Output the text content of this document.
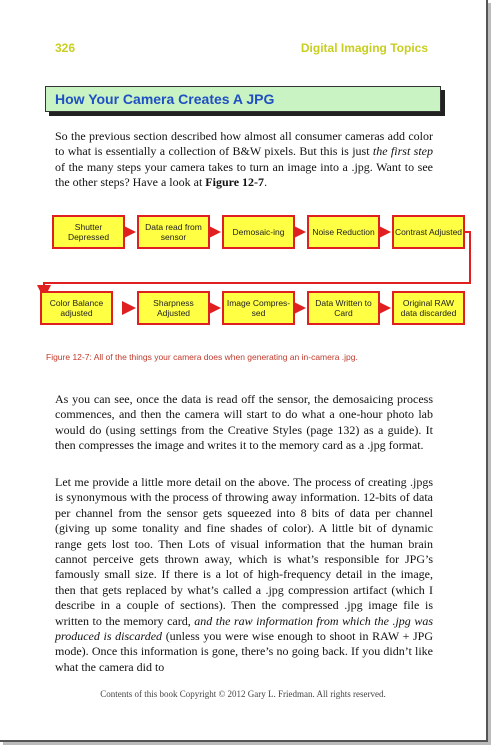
326	Digital Imaging Topics
How Your Camera Creates A JPG
So the previous section described how almost all consumer cameras add color to what is essentially a collection of B&W pixels. But this is just the first step of the many steps your camera takes to turn an image into a .jpg. Want to see the other steps? Have a look at Figure 12-7.
Shutter Depressed
Data read from sensor	Demosaic-ing	Noise Reduction	Contrast Adjusted
Color Balance adjusted
Sharpness Adjusted
Image Compres-sed
Data Written to Card
Original RAW data discarded
Figure 12-7: All of the things your camera does when generating an in-camera .jpg.
As you can see, once the data is read off the sensor, the demosaicing process commences, and then the camera will start to do what a one-hour photo lab would do (using settings from the Creative Styles (page 132) as a guide). It then compresses the image and writes it to the memory card as a .jpg format.
Let me provide a little more detail on the above. The process of creating .jpgs is synonymous with the process of throwing away information. 12-bits of data per channel from the sensor gets squeezed into 8 bits of data per channel (giving up some tonality and fine shades of color). A little bit of dynamic range gets lost too. Then Lots of visual information that the human brain cannot perceive gets thrown away, which is what’s responsible for JPG’s famously small size. If there is a lot of high-frequency detail in the image, then that gets replaced by what’s called a .jpg compression artifact (which I describe in a couple of sections). Then the compressed .jpg image file is written to the memory card, and the raw information from which the .jpg was produced is discarded (unless you were wise enough to shoot in RAW + JPG mode). Once this information is gone, there’s no going back. If you didn’t like what the camera did to
Contents of this book Copyright © 2012 Gary L. Friedman. All rights reserved.
